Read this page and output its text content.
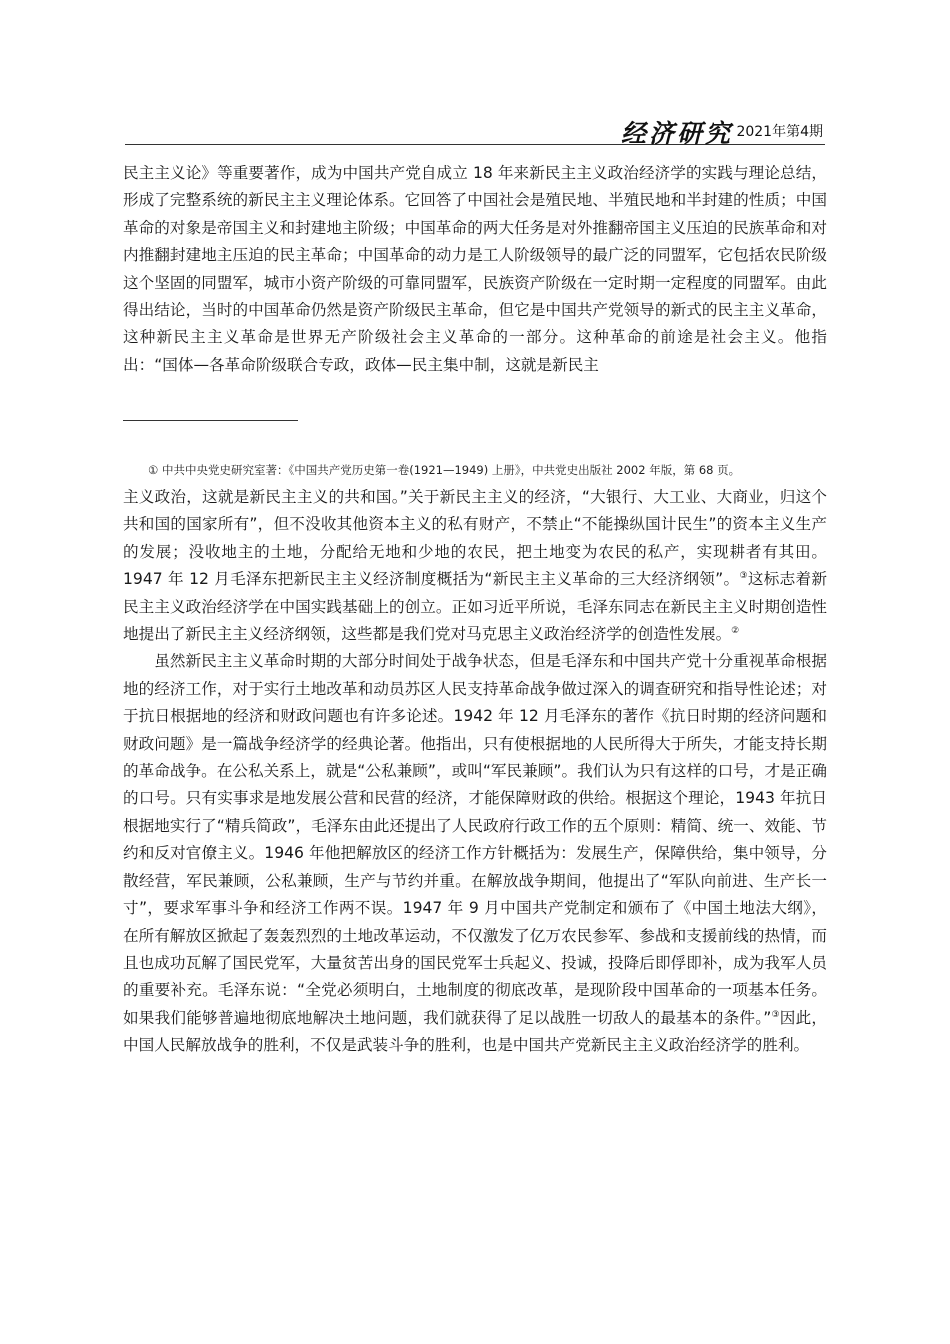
经济研究 2021年第4期
民主主义论》等重要著作，成为中国共产党自成立 18 年来新民主主义政治经济学的实践与理论总结，形成了完整系统的新民主主义理论体系。它回答了中国社会是殖民地、半殖民地和半封建的性质；中国革命的对象是帝国主义和封建地主阶级；中国革命的两大任务是对外推翻帝国主义压迫的民族革命和对内推翻封建地主压迫的民主革命；中国革命的动力是工人阶级领导的最广泛的同盟军，它包括农民阶级这个坚固的同盟军，城市小资产阶级的可靠同盟军，民族资产阶级在一定时期一定程度的同盟军。由此得出结论，当时的中国革命仍然是资产阶级民主革命，但它是中国共产党领导的新式的民主主义革命，这种新民主主义革命是世界无产阶级社会主义革命的一部分。这种革命的前途是社会主义。他指出：“国体—各革命阶级联合专政，政体—民主集中制，这就是新民主
① 中共中央党史研究室著：《中国共产党历史第一卷(1921—1949) 上册》，中共党史出版社 2002 年版，第 68 页。

主义政治，这就是新民主主义的共和国。”关于新民主主义的经济，“大银行、大工业、大商业，归这个共和国的国家所有”，但不没收其他资本主义的私有财产，不禁止“不能操纵国计民生”的资本主义生产的发展；没收地主的土地，分配给无地和少地的农民，把土地变为农民的私产，实现耕者有其田。1947 年 12 月毛泽东把新民主主义经济制度概括为“新民主主义革命的三大经济纲领”。③这标志着新民主主义政治经济学在中国实践基础上的创立。正如习近平所说，毛泽东同志在新民主主义时期创造性地提出了新民主主义经济纲领，这些都是我们党对马克思主义政治经济学的创造性发展。②

虽然新民主主义革命时期的大部分时间处于战争状态，但是毛泽东和中国共产党十分重视革命根据地的经济工作，对于实行土地改革和动员苏区人民支持革命战争做过深入的调查研究和指导性论述；对于抗日根据地的经济和财政问题也有许多论述。1942 年 12 月毛泽东的著作《抗日时期的经济问题和财政问题》是一篇战争经济学的经典论著。他指出，只有使根据地的人民所得大于所失，才能支持长期的革命战争。在公私关系上，就是“公私兼顾”，或叫“军民兼顾”。我们认为只有这样的口号，才是正确的口号。只有实事求是地发展公营和民营的经济，才能保障财政的供给。根据这个理论，1943 年抗日根据地实行了“精兵简政”，毛泽东由此还提出了人民政府行政工作的五个原则：精简、统一、效能、节约和反对官僚主义。1946 年他把解放区的经济工作方针概括为：发展生产，保障供给，集中领导，分散经营，军民兼顾，公私兼顾，生产与节约并重。在解放战争期间，他提出了“军队向前进、生产长一寸”，要求军事斗争和经济工作两不误。1947 年 9 月中国共产党制定和颁布了《中国土地法大纲》，在所有解放区掀起了轰轰烈烈的土地改革运动，不仅激发了亿万农民参军、参战和支援前线的热情，而且也成功瓦解了国民党军，大量贫苦出身的国民党军士兵起义、投诚，投降后即俘即补，成为我军人员的重要补充。毛泽东说：“全党必须明白，土地制度的彻底改革，是现阶段中国革命的一项基本任务。如果我们能够普遍地彻底地解决土地问题，我们就获得了足以战胜一切敌人的最基本的条件。”③因此，中国人民解放战争的胜利，不仅是武装斗争的胜利，也是中国共产党新民主主义政治经济学的胜利。
